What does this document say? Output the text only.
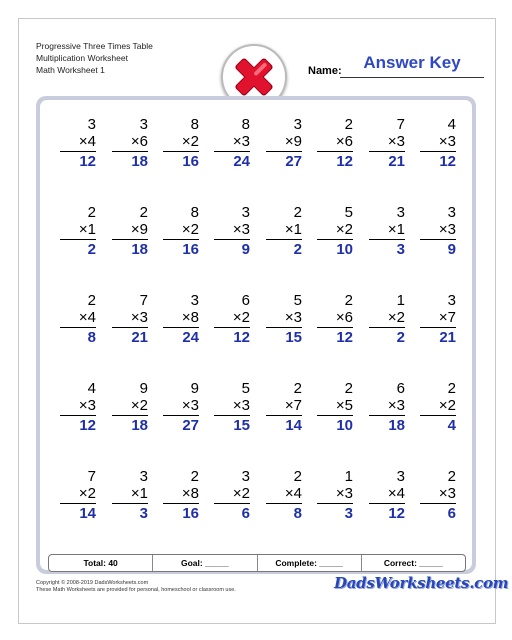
Progressive Three Times Table
Multiplication Worksheet
Math Worksheet 1	Name:	Answer Key
Total: 40	Goal: _____	Complete: _____	Correct: _____
3
×4
12
3
×6
18
8
×2
16
8
×3
24
3
×9
27
2
×6
12
7
×3
21
4
×3
12
2
×1
2
2
×9
18
8
×2
16
3
×3
9
2
×1
2
5
×2
10
3
×1
3
3
×3
9
2
×4
8
7
×3
21
3
×8
24
6
×2
12
5
×3
15
2
×6
12
1
×2
2
3
×7
21
4
×3
12
9
×2
18
9
×3
27
5
×3
15
2
×7
14
2
×5
10
6
×3
18
2
×2
4
7
×2
14
3
×1
3
2
×8
16
3
×2
6
2
×4
8
1
×3
3
3
×4
12
2
×3
6
Copyright © 2008-2019 DadsWorksheets.com
These Math Worksheets are provided for personal, homeschool or classroom use.	DadsWorksheets.com
